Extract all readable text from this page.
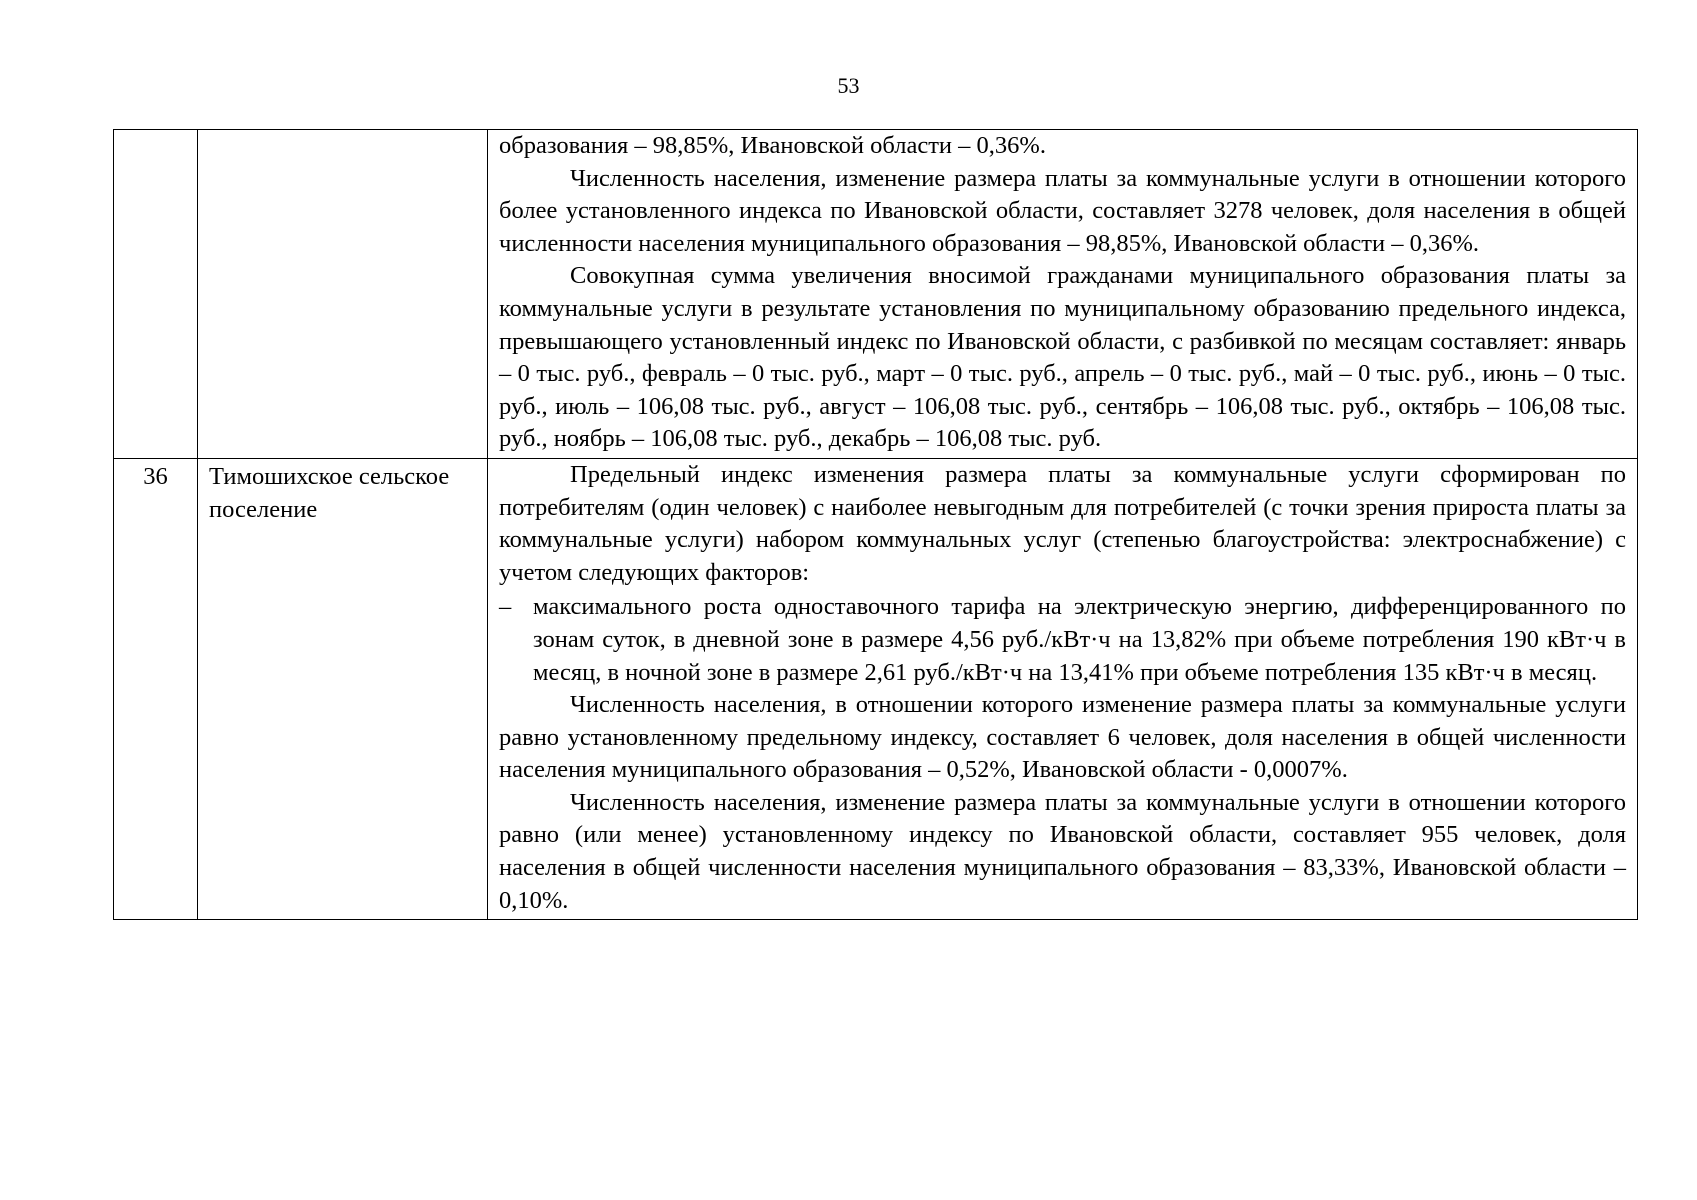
53

		образования – 98,85%, Ивановской области – 0,36%.

Численность населения, изменение размера платы за коммунальные услуги в отношении которого более установленного индекса по Ивановской области, составляет 3278 человек, доля населения в общей численности населения муниципального образования – 98,85%, Ивановской области – 0,36%.

Совокупная сумма увеличения вносимой гражданами муниципального образования платы за коммунальные услуги в результате установления по муниципальному образованию предельного индекса, превышающего установленный индекс по Ивановской области, с разбивкой по месяцам составляет: январь – 0 тыс. руб., февраль – 0 тыс. руб., март – 0 тыс. руб., апрель – 0 тыс. руб., май – 0 тыс. руб., июнь – 0 тыс. руб., июль – 106,08 тыс. руб., август – 106,08 тыс. руб., сентябрь – 106,08 тыс. руб., октябрь – 106,08 тыс. руб., ноябрь – 106,08 тыс. руб., декабрь – 106,08 тыс. руб.

36	Тимошихское сельское поселение	Предельный индекс изменения размера платы за коммунальные услуги сформирован по потребителям (один человек) с наиболее невыгодным для потребителей (с точки зрения прироста платы за коммунальные услуги) набором коммунальных услуг (степенью благоустройства: электроснабжение) с учетом следующих факторов:

– максимального роста одноставочного тарифа на электрическую энергию, дифференцированного по зонам суток, в дневной зоне в размере 4,56 руб./кВт·ч на 13,82% при объеме потребления 190 кВт·ч в месяц, в ночной зоне в размере 2,61 руб./кВт·ч на 13,41% при объеме потребления 135 кВт·ч в месяц.

Численность населения, в отношении которого изменение размера платы за коммунальные услуги равно установленному предельному индексу, составляет 6 человек, доля населения в общей численности населения муниципального образования – 0,52%, Ивановской области - 0,0007%.

Численность населения, изменение размера платы за коммунальные услуги в отношении которого равно (или менее) установленному индексу по Ивановской области, составляет 955 человек, доля населения в общей численности населения муниципального образования – 83,33%, Ивановской области – 0,10%.
